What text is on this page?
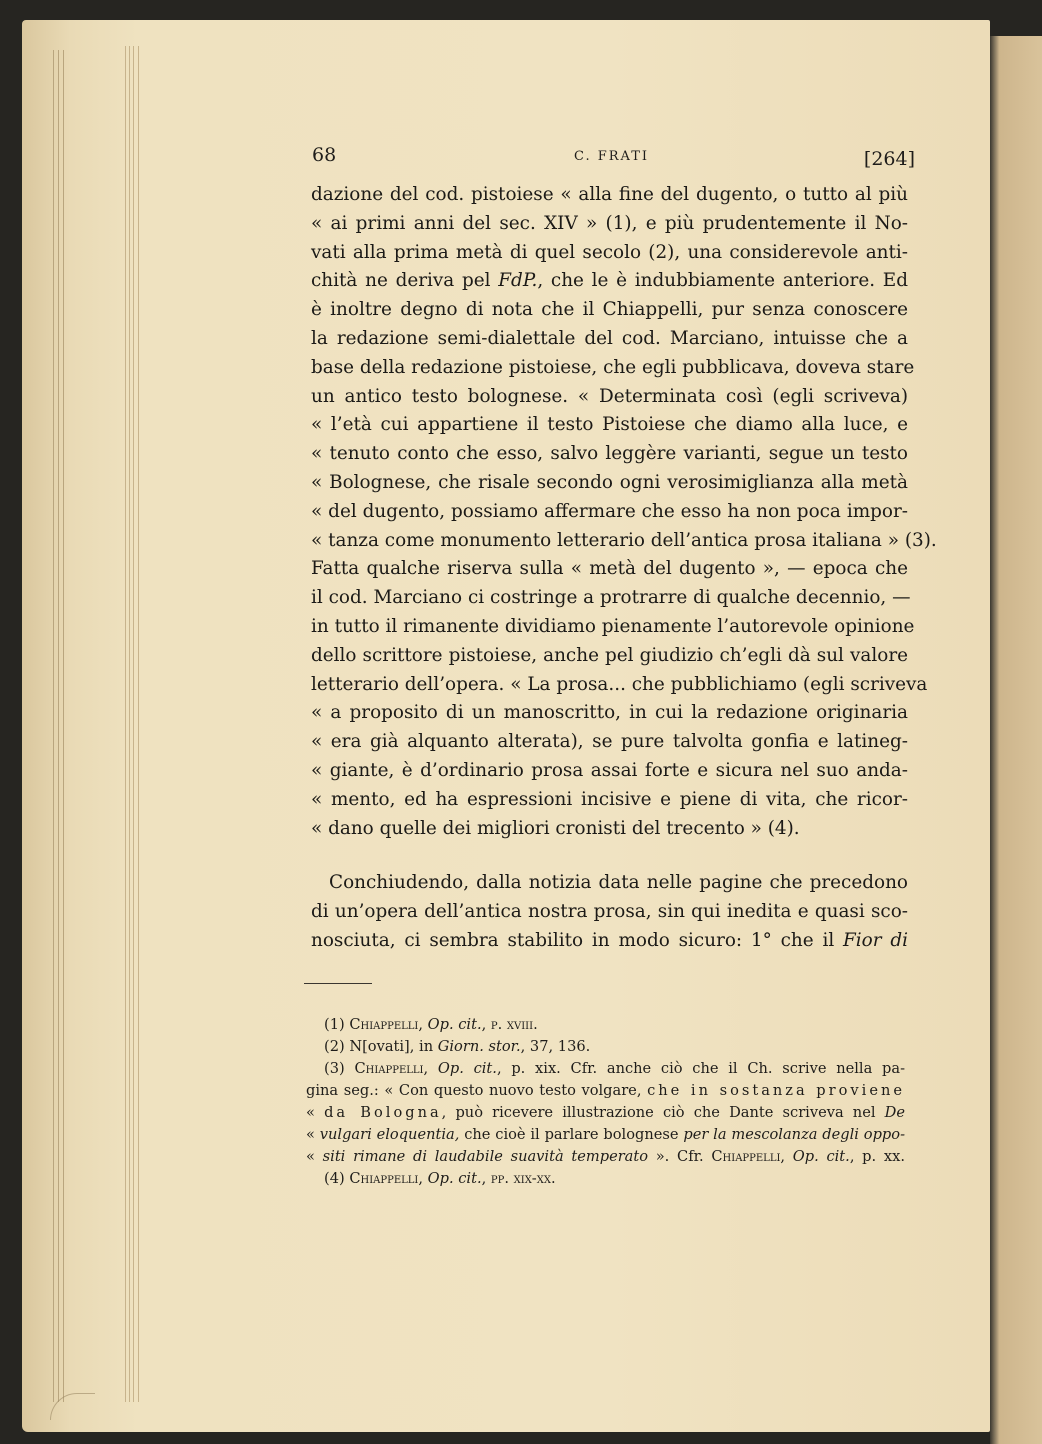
68	C. FRATI	[264]

dazione del cod. pistoiese « alla fine del dugento, o tutto al più

« ai primi anni del sec. XIV » (1), e più prudentemente il No-

vati alla prima metà di quel secolo (2), una considerevole anti-

chità ne deriva pel FdP., che le è indubbiamente anteriore. Ed

è inoltre degno di nota che il Chiappelli, pur senza conoscere

la redazione semi-dialettale del cod. Marciano, intuisse che a

base della redazione pistoiese, che egli pubblicava, doveva stare

un antico testo bolognese. « Determinata così (egli scriveva)

« l’età cui appartiene il testo Pistoiese che diamo alla luce, e

« tenuto conto che esso, salvo leggère varianti, segue un testo

« Bolognese, che risale secondo ogni verosimiglianza alla metà

« del dugento, possiamo affermare che esso ha non poca impor-

« tanza come monumento letterario dell’antica prosa italiana » (3).

Fatta qualche riserva sulla « metà del dugento », — epoca che

il cod. Marciano ci costringe a protrarre di qualche decennio, —

in tutto il rimanente dividiamo pienamente l’autorevole opinione

dello scrittore pistoiese, anche pel giudizio ch’egli dà sul valore

letterario dell’opera. « La prosa... che pubblichiamo (egli scriveva

« a proposito di un manoscritto, in cui la redazione originaria

« era già alquanto alterata), se pure talvolta gonfia e latineg-

« giante, è d’ordinario prosa assai forte e sicura nel suo anda-

« mento, ed ha espressioni incisive e piene di vita, che ricor-

« dano quelle dei migliori cronisti del trecento » (4).

Conchiudendo, dalla notizia data nelle pagine che precedono

di un’opera dell’antica nostra prosa, sin qui inedita e quasi sco-

nosciuta, ci sembra stabilito in modo sicuro: 1° che il Fior di

(1) Chiappelli, Op. cit., p. xviii.

(2) N[ovati], in Giorn. stor., 37, 136.

(3) Chiappelli, Op. cit., p. xix. Cfr. anche ciò che il Ch. scrive nella pa-

gina seg.: « Con questo nuovo testo volgare, che in sostanza proviene

« da Bologna, può ricevere illustrazione ciò che Dante scriveva nel De

« vulgari eloquentia, che cioè il parlare bolognese per la mescolanza degli oppo-

« siti rimane di laudabile suavità temperato ». Cfr. Chiappelli, Op. cit., p. xx.

(4) Chiappelli, Op. cit., pp. xix-xx.
